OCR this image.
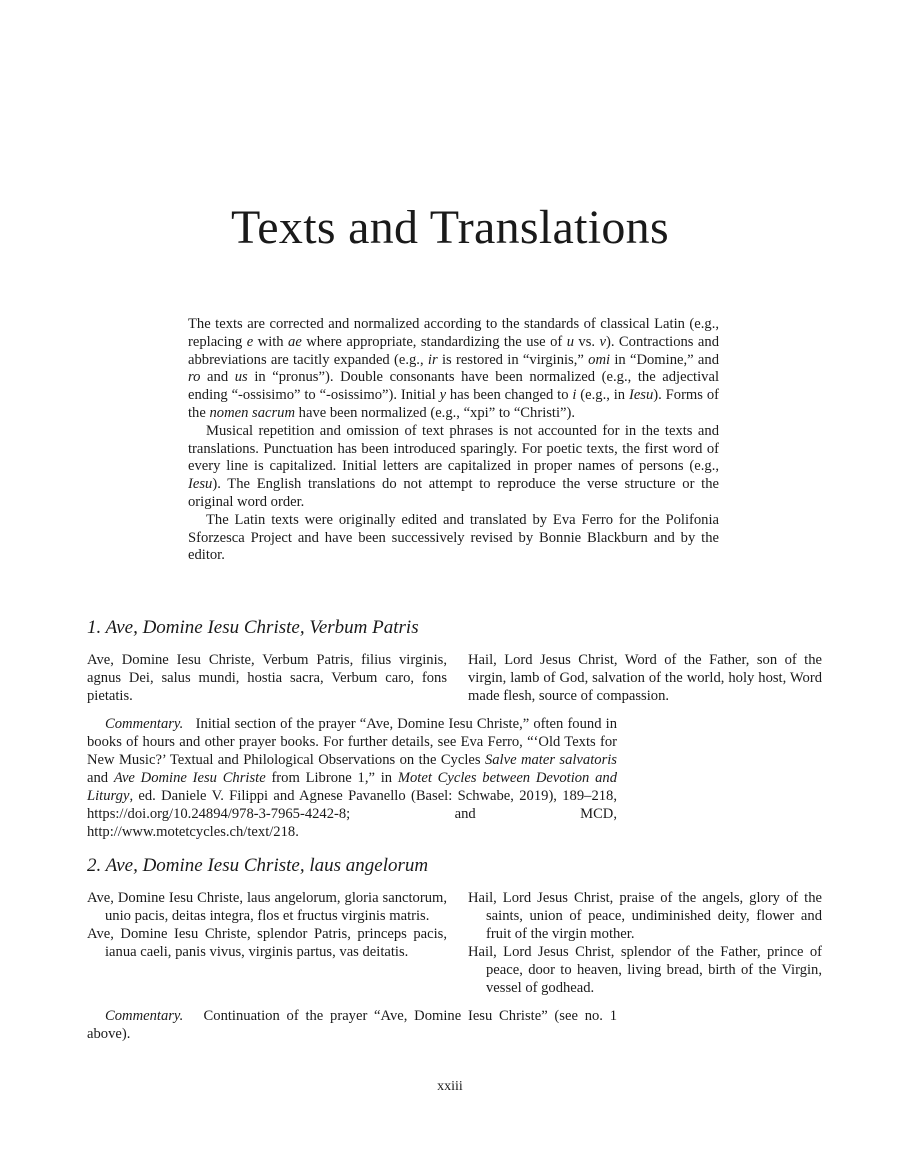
Texts and Translations

The texts are corrected and normalized according to the standards of classical Latin (e.g., replacing e with ae where appropriate, standardizing the use of u vs. v). Contractions and abbreviations are tacitly expanded (e.g., ir is restored in “virginis,” omi in “Domine,” and ro and us in “pronus”). Double consonants have been normalized (e.g., the adjectival ending “-ossisimo” to “-osissimo”). Initial y has been changed to i (e.g., in Iesu). Forms of the nomen sacrum have been normalized (e.g., “xpi” to “Christi”).

Musical repetition and omission of text phrases is not accounted for in the texts and translations. Punctuation has been introduced sparingly. For poetic texts, the first word of every line is capitalized. Initial letters are capitalized in proper names of persons (e.g., Iesu). The English translations do not attempt to reproduce the verse structure or the original word order.

The Latin texts were originally edited and translated by Eva Ferro for the Polifonia Sforzesca Project and have been successively revised by Bonnie Blackburn and by the editor.

1. Ave, Domine Iesu Christe, Verbum Patris

Ave, Domine Iesu Christe, Verbum Patris, filius virginis, agnus Dei, salus mundi, hostia sacra, Verbum caro, fons pietatis.

Hail, Lord Jesus Christ, Word of the Father, son of the virgin, lamb of God, salvation of the world, holy host, Word made flesh, source of compassion.

Commentary. Initial section of the prayer “Ave, Domine Iesu Christe,” often found in books of hours and other prayer books. For further details, see Eva Ferro, “‘Old Texts for New Music?’ Textual and Philological Observations on the Cycles Salve mater salvatoris and Ave Domine Iesu Christe from Librone 1,” in Motet Cycles between Devotion and Liturgy, ed. Daniele V. Filippi and Agnese Pavanello (Basel: Schwabe, 2019), 189–218, https://doi.org/10.24894/978-3-7965-4242-8; and MCD, http://www.motetcycles.ch/text/218.
2. Ave, Domine Iesu Christe, laus angelorum

Ave, Domine Iesu Christe, laus angelorum, gloria sanctorum, unio pacis, deitas integra, flos et fructus virginis matris.

Ave, Domine Iesu Christe, splendor Patris, princeps pacis, ianua caeli, panis vivus, virginis partus, vas deitatis.

Hail, Lord Jesus Christ, praise of the angels, glory of the saints, union of peace, undiminished deity, flower and fruit of the virgin mother.

Hail, Lord Jesus Christ, splendor of the Father, prince of peace, door to heaven, living bread, birth of the Virgin, vessel of godhead.

Commentary. Continuation of the prayer “Ave, Domine Iesu Christe” (see no. 1 above).
xxiii
